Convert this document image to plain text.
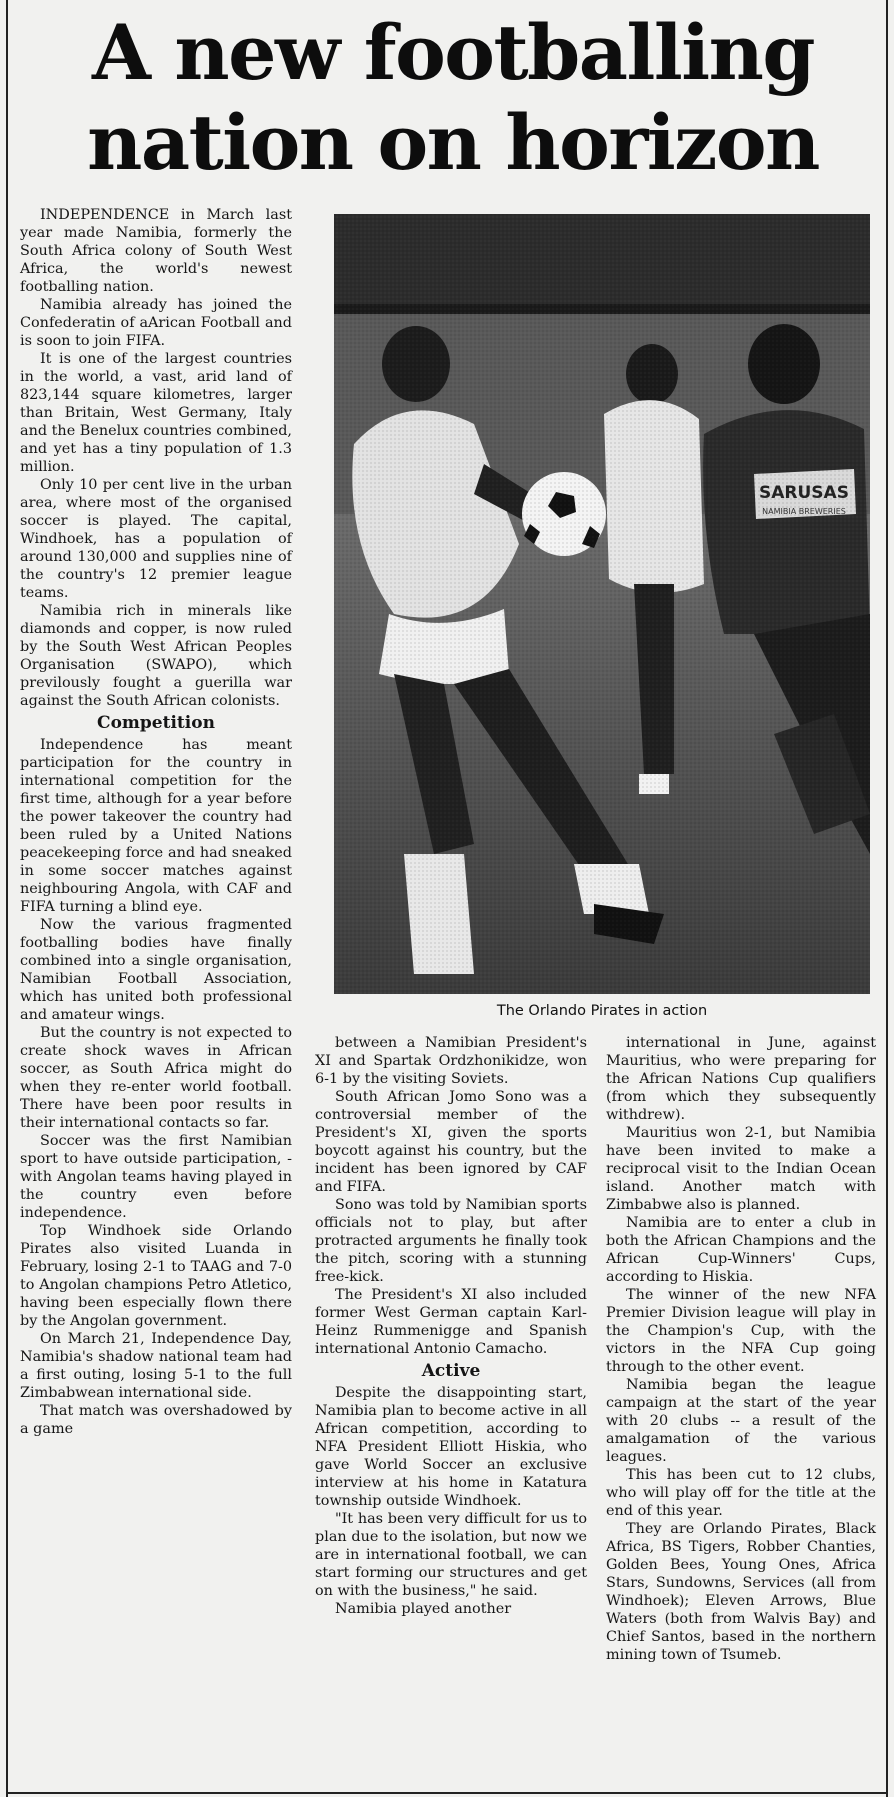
A new footballing
nation on horizon

INDEPENDENCE in March last year made Namibia, formerly the South Africa colony of South West Africa, the world's newest footballing nation.

Namibia already has joined the Confederatin of aArican Football and is soon to join FIFA.

It is one of the largest countries in the world, a vast, arid land of 823,144 square kilometres, larger than Britain, West Germany, Italy and the Benelux countries combined, and yet has a tiny population of 1.3 million.

Only 10 per cent live in the urban area, where most of the organised soccer is played. The capital, Windhoek, has a population of around 130,000 and supplies nine of the country's 12 premier league teams.

Namibia rich in minerals like diamonds and copper, is now ruled by the South West African Peoples Organisation (SWAPO), which previlously fought a guerilla war against the South African colonists.

Competition

Independence has meant participation for the country in international competition for the first time, although for a year before the power takeover the country had been ruled by a United Nations peacekeeping force and had sneaked in some soccer matches against neighbouring Angola, with CAF and FIFA turning a blind eye.

Now the various fragmented footballing bodies have finally combined into a single organisation, Namibian Football Association, which has united both professional and amateur wings.

But the country is not expected to create shock waves in African soccer, as South Africa might do when they re-enter world football. There have been poor results in their international contacts so far.

Soccer was the first Namibian sport to have outside participation, - with Angolan teams having played in the country even before independence.

Top Windhoek side Orlando Pirates also visited Luanda in February, losing 2-1 to TAAG and 7-0 to Angolan champions Petro Atletico, having been especially flown there by the Angolan government.

On March 21, Independence Day, Namibia's shadow national team had a first outing, losing 5-1 to the full Zimbabwean international side.

That match was overshadowed by a game

The Orlando Pirates in action

between a Namibian President's XI and Spartak Ordzhonikidze, won 6-1 by the visiting Soviets.

South African Jomo Sono was a controversial member of the President's XI, given the sports boycott against his country, but the incident has been ignored by CAF and FIFA.

Sono was told by Namibian sports officials not to play, but after protracted arguments he finally took the pitch, scoring with a stunning free-kick.

The President's XI also included former West German captain Karl-Heinz Rummenigge and Spanish international Antonio Camacho.

Active

Despite the disappointing start, Namibia plan to become active in all African competition, according to NFA President Elliott Hiskia, who gave World Soccer an exclusive interview at his home in Katatura township outside Windhoek.

"It has been very difficult for us to plan due to the isolation, but now we are in international football, we can start forming our structures and get on with the business," he said.

Namibia played another

international in June, against Mauritius, who were preparing for the African Nations Cup qualifiers (from which they subsequently withdrew).

Mauritius won 2-1, but Namibia have been invited to make a reciprocal visit to the Indian Ocean island. Another match with Zimbabwe also is planned.

Namibia are to enter a club in both the African Champions and the African Cup-Winners' Cups, according to Hiskia.

The winner of the new NFA Premier Division league will play in the Champion's Cup, with the victors in the NFA Cup going through to the other event.

Namibia began the league campaign at the start of the year with 20 clubs -- a result of the amalgamation of the various leagues.

This has been cut to 12 clubs, who will play off for the title at the end of this year.

They are Orlando Pirates, Black Africa, BS Tigers, Robber Chanties, Golden Bees, Young Ones, Africa Stars, Sundowns, Services (all from Windhoek); Eleven Arrows, Blue Waters (both from Walvis Bay) and Chief Santos, based in the northern mining town of Tsumeb.
